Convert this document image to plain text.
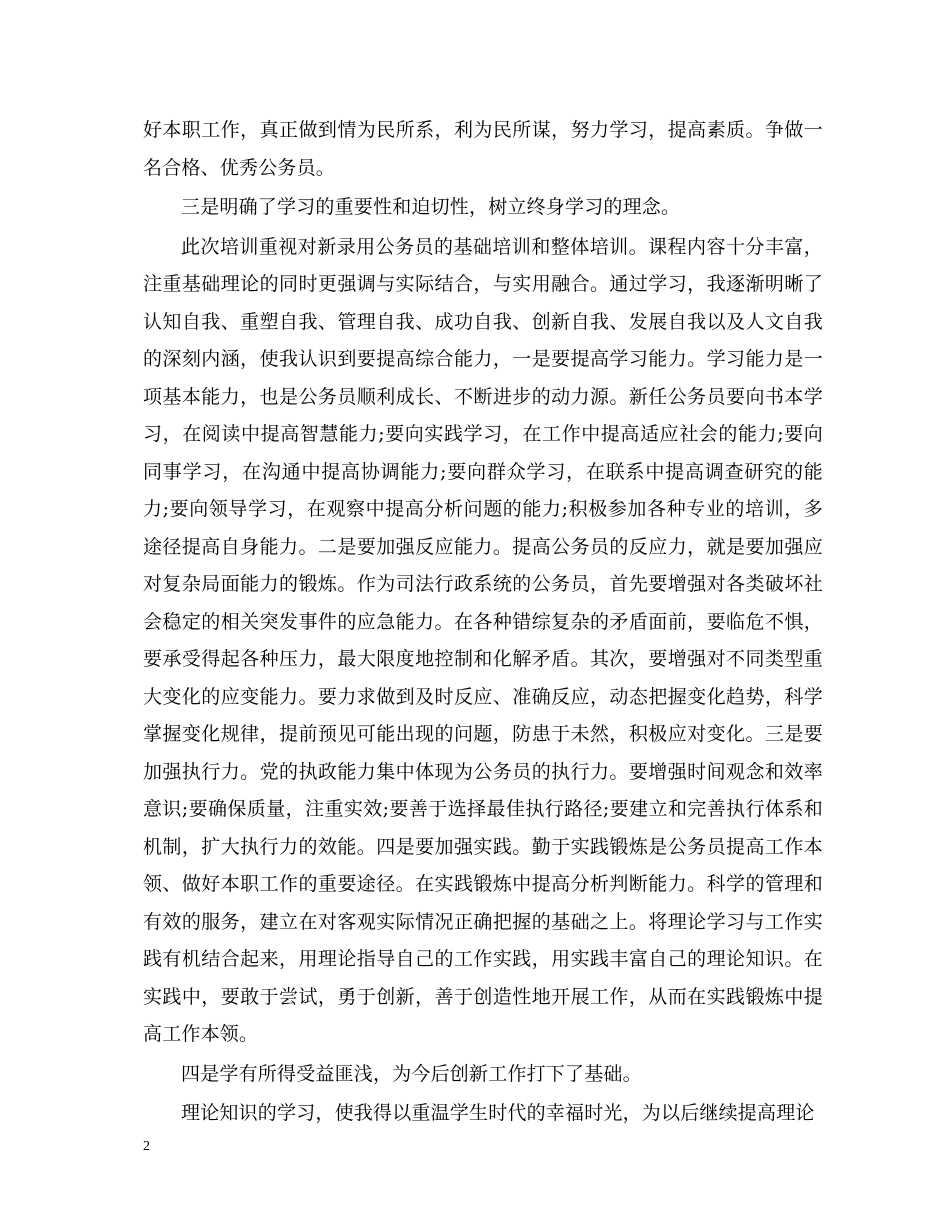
好本职工作，真正做到情为民所系，利为民所谋，努力学习，提高素质。争做一名合格、优秀公务员。

三是明确了学习的重要性和迫切性，树立终身学习的理念。

此次培训重视对新录用公务员的基础培训和整体培训。课程内容十分丰富，注重基础理论的同时更强调与实际结合，与实用融合。通过学习，我逐渐明晰了认知自我、重塑自我、管理自我、成功自我、创新自我、发展自我以及人文自我的深刻内涵，使我认识到要提高综合能力，一是要提高学习能力。学习能力是一项基本能力，也是公务员顺利成长、不断进步的动力源。新任公务员要向书本学习，在阅读中提高智慧能力;要向实践学习，在工作中提高适应社会的能力;要向同事学习，在沟通中提高协调能力;要向群众学习，在联系中提高调查研究的能力;要向领导学习，在观察中提高分析问题的能力;积极参加各种专业的培训，多途径提高自身能力。二是要加强反应能力。提高公务员的反应力，就是要加强应对复杂局面能力的锻炼。作为司法行政系统的公务员，首先要增强对各类破坏社会稳定的相关突发事件的应急能力。在各种错综复杂的矛盾面前，要临危不惧，要承受得起各种压力，最大限度地控制和化解矛盾。其次，要增强对不同类型重大变化的应变能力。要力求做到及时反应、准确反应，动态把握变化趋势，科学掌握变化规律，提前预见可能出现的问题，防患于未然，积极应对变化。三是要加强执行力。党的执政能力集中体现为公务员的执行力。要增强时间观念和效率意识;要确保质量，注重实效;要善于选择最佳执行路径;要建立和完善执行体系和机制，扩大执行力的效能。四是要加强实践。勤于实践锻炼是公务员提高工作本领、做好本职工作的重要途径。在实践锻炼中提高分析判断能力。科学的管理和有效的服务，建立在对客观实际情况正确把握的基础之上。将理论学习与工作实践有机结合起来，用理论指导自己的工作实践，用实践丰富自己的理论知识。在实践中，要敢于尝试，勇于创新，善于创造性地开展工作，从而在实践锻炼中提高工作本领。

四是学有所得受益匪浅，为今后创新工作打下了基础。

理论知识的学习，使我得以重温学生时代的幸福时光，为以后继续提高理论

2
